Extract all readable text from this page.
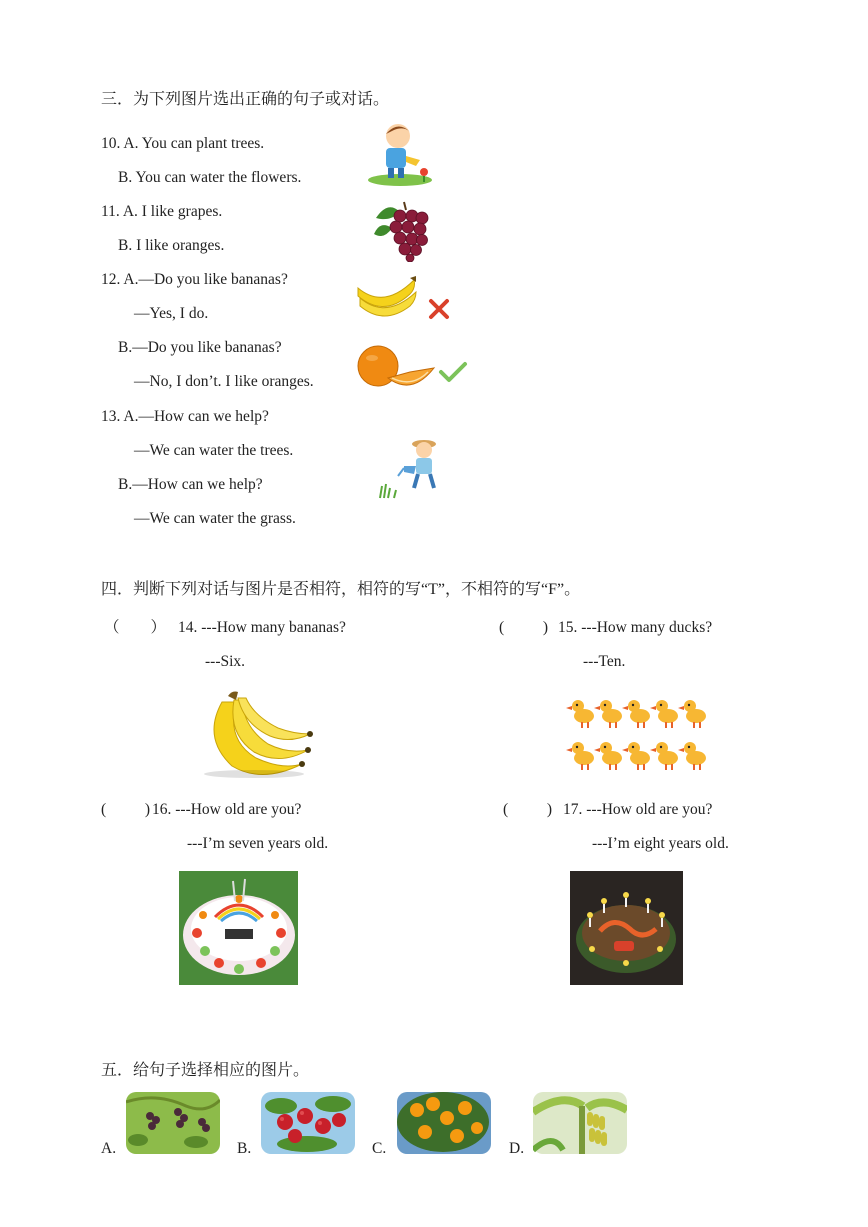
三．为下列图片选出正确的句子或对话。
10. A. You can plant trees.
B. You can water the flowers.
11. A. I like grapes.
B. I like oranges.
12. A.—Do you like bananas?
—Yes, I do.
B.—Do you like bananas?
—No, I don’t. I like oranges.
13. A.—How can we help?
—We can water the trees.
B.—How can we help?
—We can water the grass.
四．判断下列对话与图片是否相符，相符的写“T”，不相符的写“F”。
（        ） 14. ---How many bananas?
---Six.
(          ) 15. ---How many ducks?
---Ten.
(          ) 16. ---How old are you?
---I’m seven years old.
(          ) 17. ---How old are you?
---I’m eight years old.
五．给句子选择相应的图片。
A.	B.	C.	D.
